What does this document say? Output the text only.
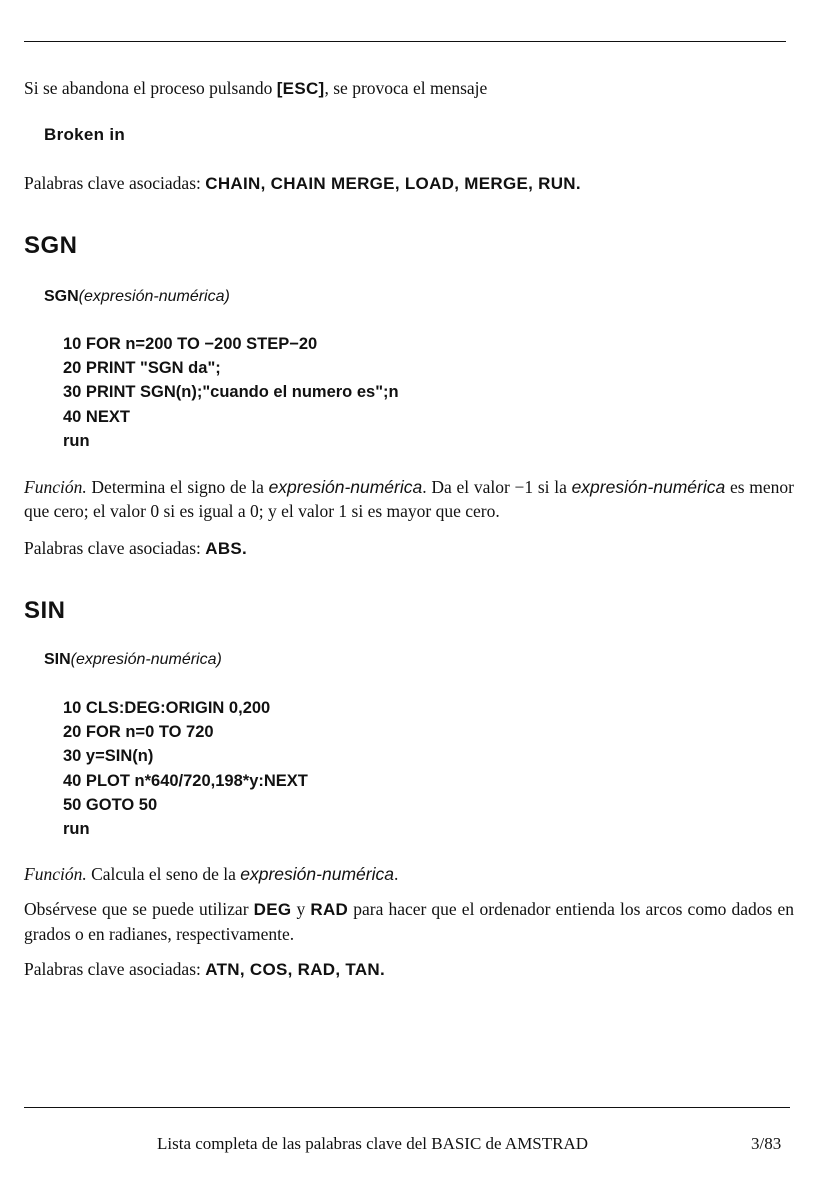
Si se abandona el proceso pulsando [ESC], se provoca el mensaje
Broken in
Palabras clave asociadas: CHAIN, CHAIN MERGE, LOAD, MERGE, RUN.
SGN
SGN(expresión-numérica)
10 FOR n=200 TO −200 STEP−20
20 PRINT "SGN da";
30 PRINT SGN(n);"cuando el numero es";n
40 NEXT
run
Función. Determina el signo de la expresión-numérica. Da el valor −1 si la expresión-numérica es menor que cero; el valor 0 si es igual a 0; y el valor 1 si es mayor que cero.
Palabras clave asociadas: ABS.
SIN
SIN(expresión-numérica)
10 CLS:DEG:ORIGIN 0,200
20 FOR n=0 TO 720
30 y=SIN(n)
40 PLOT n*640/720,198*y:NEXT
50 GOTO 50
run
Función. Calcula el seno de la expresión-numérica.
Obsérvese que se puede utilizar DEG y RAD para hacer que el ordenador entienda los arcos como dados en grados o en radianes, respectivamente.
Palabras clave asociadas: ATN, COS, RAD, TAN.
Lista completa de las palabras clave del BASIC de AMSTRAD	3/83
